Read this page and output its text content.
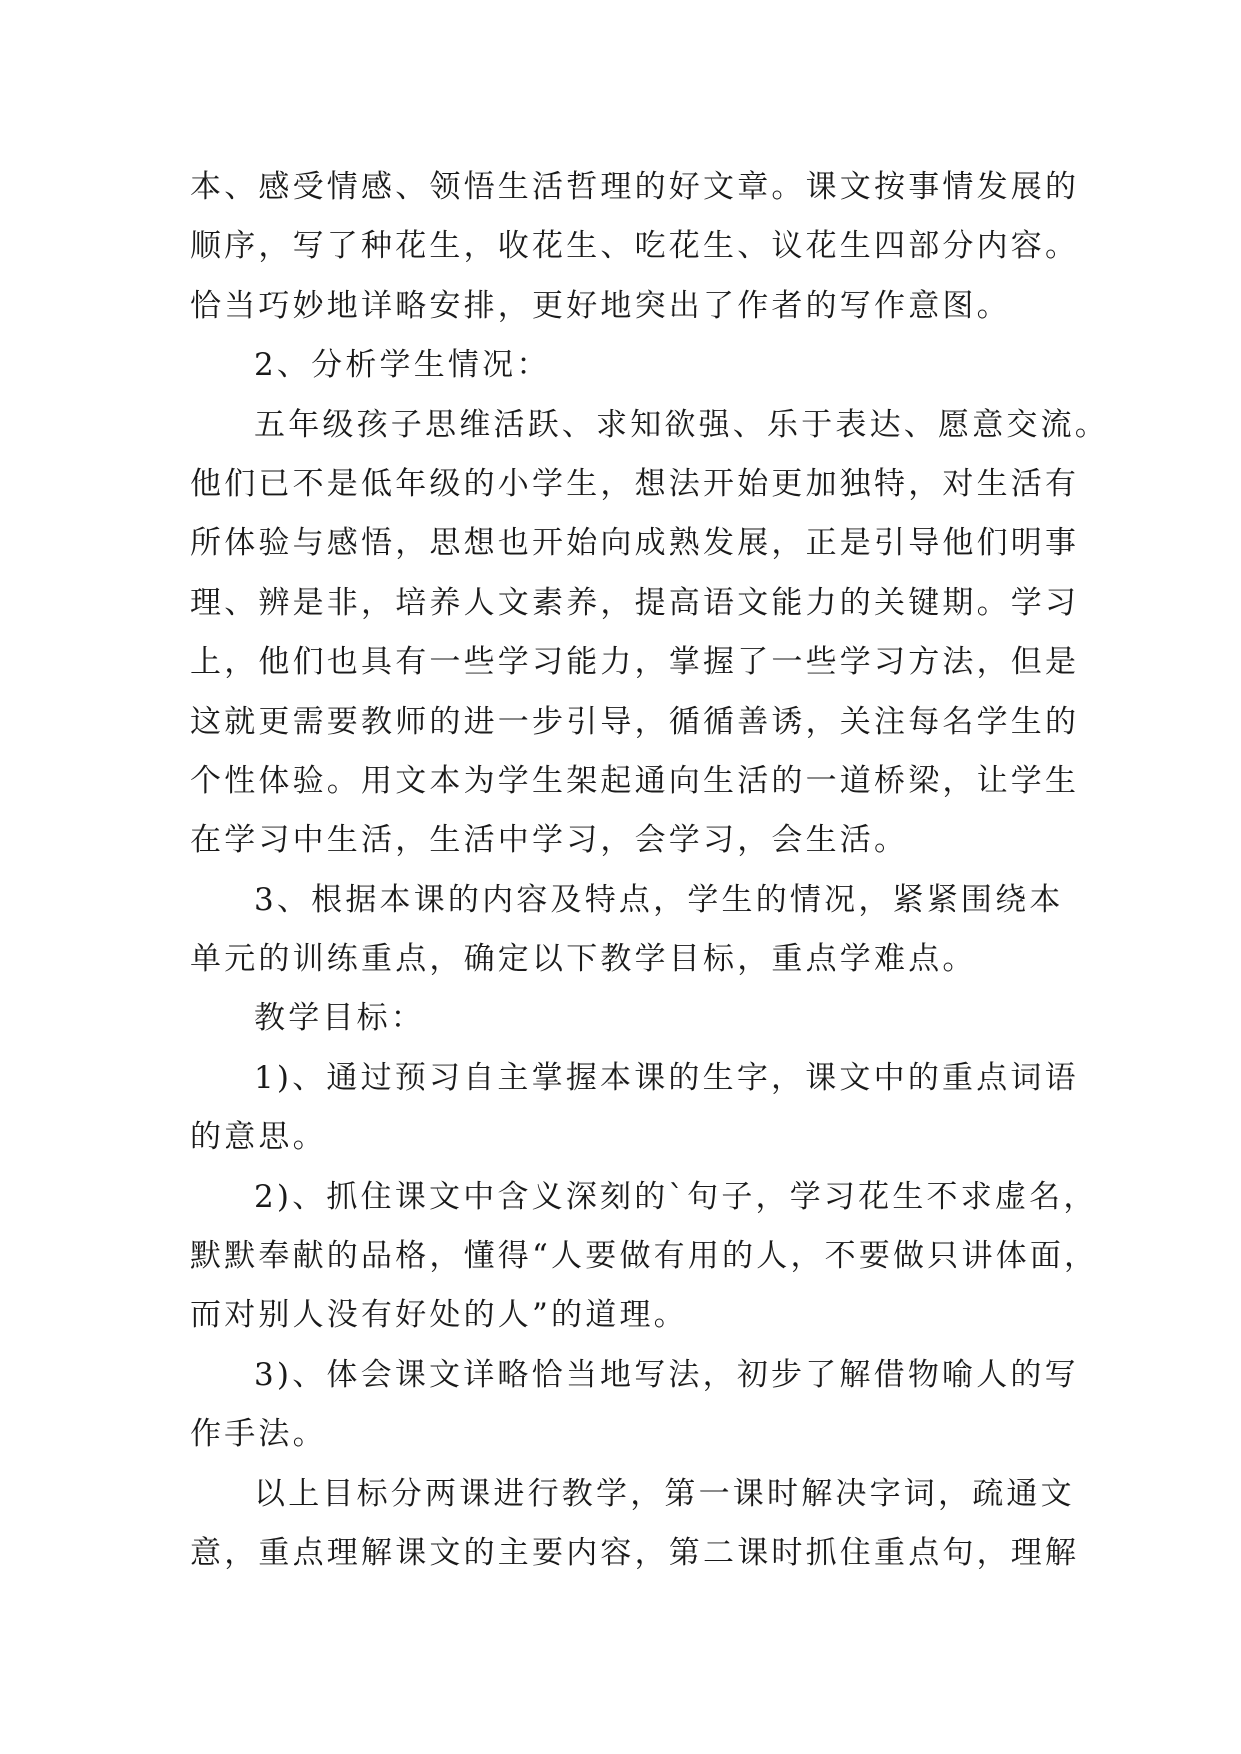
本、感受情感、领悟生活哲理的好文章。课文按事情发展的
顺序，写了种花生，收花生、吃花生、议花生四部分内容。
恰当巧妙地详略安排，更好地突出了作者的写作意图。
2、分析学生情况：
五年级孩子思维活跃、求知欲强、乐于表达、愿意交流。
他们已不是低年级的小学生，想法开始更加独特，对生活有
所体验与感悟，思想也开始向成熟发展，正是引导他们明事
理、辨是非，培养人文素养，提高语文能力的关键期。学习
上，他们也具有一些学习能力，掌握了一些学习方法，但是
这就更需要教师的进一步引导，循循善诱，关注每名学生的
个性体验。用文本为学生架起通向生活的一道桥梁，让学生
在学习中生活，生活中学习，会学习，会生活。
3、根据本课的内容及特点，学生的情况，紧紧围绕本
单元的训练重点，确定以下教学目标，重点学难点。
教学目标：
1)、通过预习自主掌握本课的生字，课文中的重点词语
的意思。
2)、抓住课文中含义深刻的`句子，学习花生不求虚名，
默默奉献的品格，懂得“人要做有用的人，不要做只讲体面，
而对别人没有好处的人”的道理。
3)、体会课文详略恰当地写法，初步了解借物喻人的写
作手法。
以上目标分两课进行教学，第一课时解决字词，疏通文
意，重点理解课文的主要内容，第二课时抓住重点句，理解
